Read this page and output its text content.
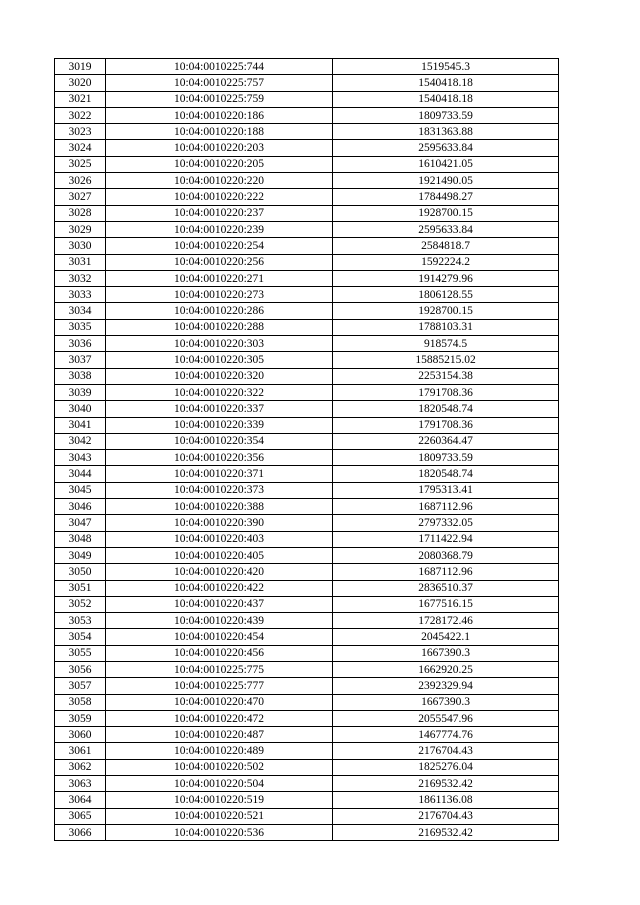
3019	10:04:0010225:744	1519545.3
3020	10:04:0010225:757	1540418.18
3021	10:04:0010225:759	1540418.18
3022	10:04:0010220:186	1809733.59
3023	10:04:0010220:188	1831363.88
3024	10:04:0010220:203	2595633.84
3025	10:04:0010220:205	1610421.05
3026	10:04:0010220:220	1921490.05
3027	10:04:0010220:222	1784498.27
3028	10:04:0010220:237	1928700.15
3029	10:04:0010220:239	2595633.84
3030	10:04:0010220:254	2584818.7
3031	10:04:0010220:256	1592224.2
3032	10:04:0010220:271	1914279.96
3033	10:04:0010220:273	1806128.55
3034	10:04:0010220:286	1928700.15
3035	10:04:0010220:288	1788103.31
3036	10:04:0010220:303	918574.5
3037	10:04:0010220:305	15885215.02
3038	10:04:0010220:320	2253154.38
3039	10:04:0010220:322	1791708.36
3040	10:04:0010220:337	1820548.74
3041	10:04:0010220:339	1791708.36
3042	10:04:0010220:354	2260364.47
3043	10:04:0010220:356	1809733.59
3044	10:04:0010220:371	1820548.74
3045	10:04:0010220:373	1795313.41
3046	10:04:0010220:388	1687112.96
3047	10:04:0010220:390	2797332.05
3048	10:04:0010220:403	1711422.94
3049	10:04:0010220:405	2080368.79
3050	10:04:0010220:420	1687112.96
3051	10:04:0010220:422	2836510.37
3052	10:04:0010220:437	1677516.15
3053	10:04:0010220:439	1728172.46
3054	10:04:0010220:454	2045422.1
3055	10:04:0010220:456	1667390.3
3056	10:04:0010225:775	1662920.25
3057	10:04:0010225:777	2392329.94
3058	10:04:0010220:470	1667390.3
3059	10:04:0010220:472	2055547.96
3060	10:04:0010220:487	1467774.76
3061	10:04:0010220:489	2176704.43
3062	10:04:0010220:502	1825276.04
3063	10:04:0010220:504	2169532.42
3064	10:04:0010220:519	1861136.08
3065	10:04:0010220:521	2176704.43
3066	10:04:0010220:536	2169532.42
